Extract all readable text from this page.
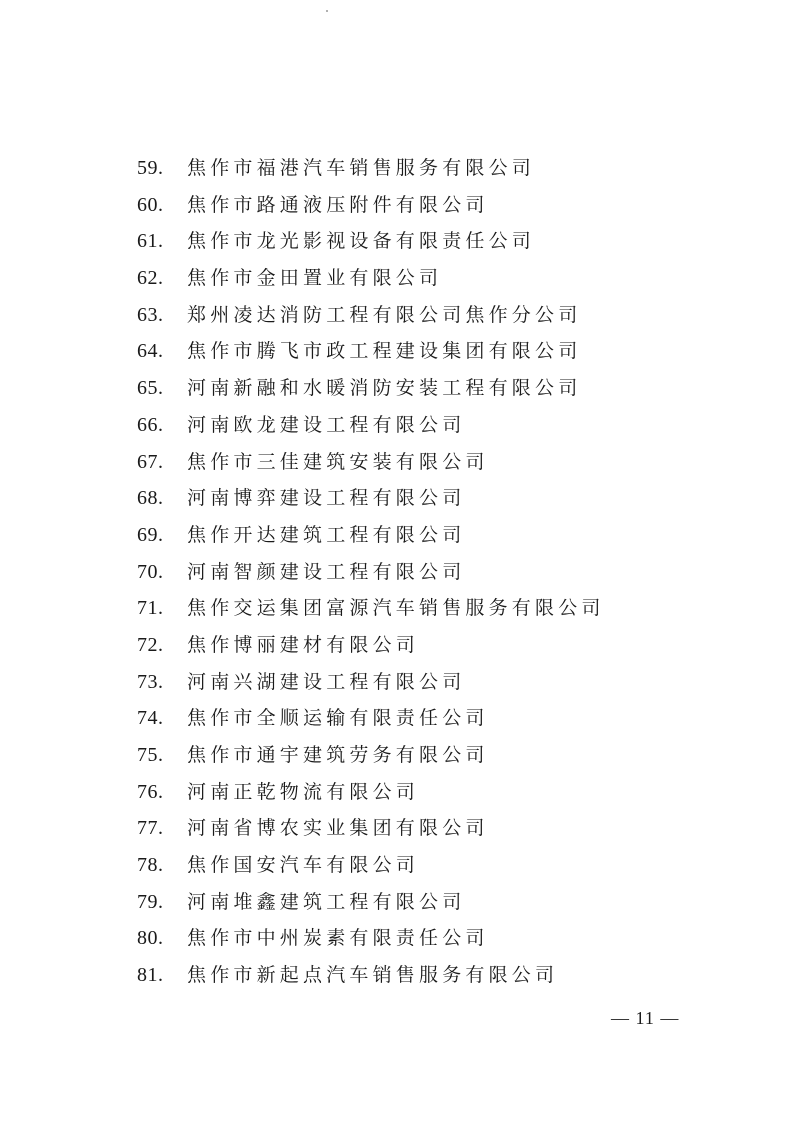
59.	焦作市福港汽车销售服务有限公司
60.	焦作市路通液压附件有限公司
61.	焦作市龙光影视设备有限责任公司
62.	焦作市金田置业有限公司
63.	郑州凌达消防工程有限公司焦作分公司
64.	焦作市腾飞市政工程建设集团有限公司
65.	河南新融和水暖消防安装工程有限公司
66.	河南欧龙建设工程有限公司
67.	焦作市三佳建筑安装有限公司
68.	河南博弈建设工程有限公司
69.	焦作开达建筑工程有限公司
70.	河南智颜建设工程有限公司
71.	焦作交运集团富源汽车销售服务有限公司
72.	焦作博丽建材有限公司
73.	河南兴湖建设工程有限公司
74.	焦作市全顺运输有限责任公司
75.	焦作市通宇建筑劳务有限公司
76.	河南正乾物流有限公司
77.	河南省博农实业集团有限公司
78.	焦作国安汽车有限公司
79.	河南堆鑫建筑工程有限公司
80.	焦作市中州炭素有限责任公司
81.	焦作市新起点汽车销售服务有限公司
— 11 —
